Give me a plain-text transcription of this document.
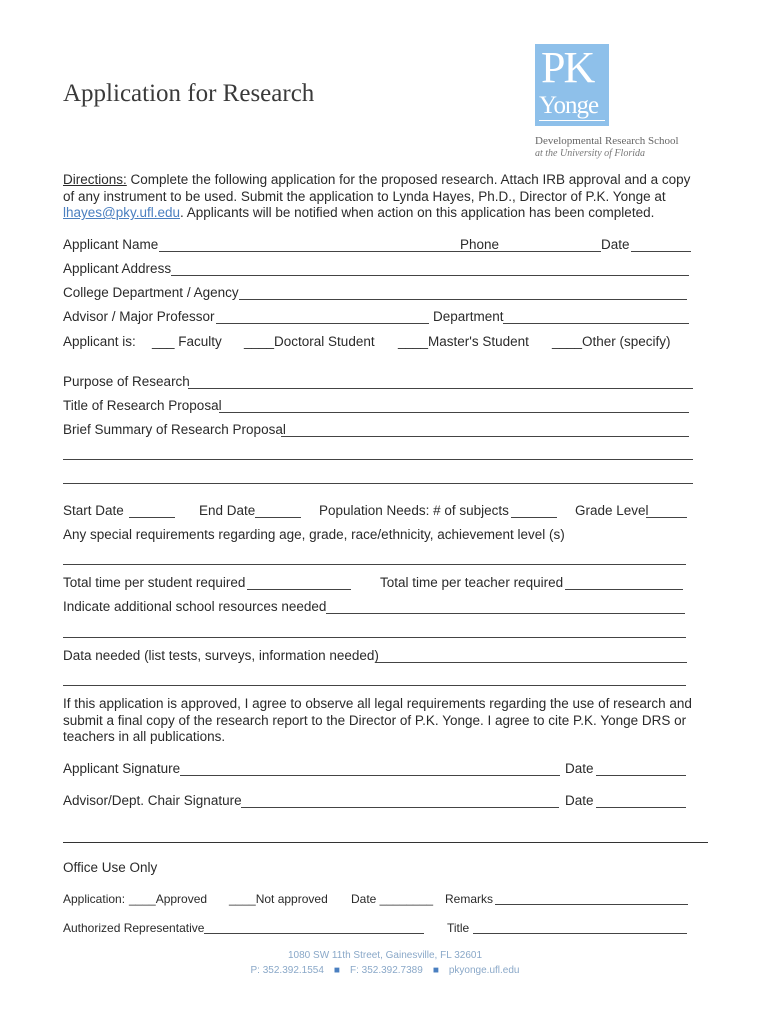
Application for Research
PK
Yonge
Developmental Research School
at the University of Florida
Directions: Complete the following application for the proposed research. Attach IRB approval and a copy of any instrument to be used. Submit the application to Lynda Hayes, Ph.D., Director of P.K. Yonge at lhayes@pky.ufl.edu. Applicants will be notified when action on this application has been completed.
Applicant Name	Phone	Date
Applicant Address
College Department / Agency
Advisor / Major Professor	Department
Applicant is: ___ Faculty ____Doctoral Student ____Master's Student ____Other (specify)
Purpose of Research
Title of Research Proposal
Brief Summary of Research Proposal
Start Date	End Date	Population Needs: # of subjects	Grade Level
Any special requirements regarding age, grade, race/ethnicity, achievement level (s)
Total time per student required	Total time per teacher required
Indicate additional school resources needed
Data needed (list tests, surveys, information needed)
If this application is approved, I agree to observe all legal requirements regarding the use of research and submit a final copy of the research report to the Director of P.K. Yonge. I agree to cite P.K. Yonge DRS or teachers in all publications.
Applicant Signature	Date
Advisor/Dept. Chair Signature	Date
Office Use Only
Application: ____Approved ____Not approved Date ________ Remarks
Authorized Representative	Title
1080 SW 11th Street, Gainesville, FL 32601
P: 352.392.1554 ■ F: 352.392.7389 ■ pkyonge.ufl.edu
